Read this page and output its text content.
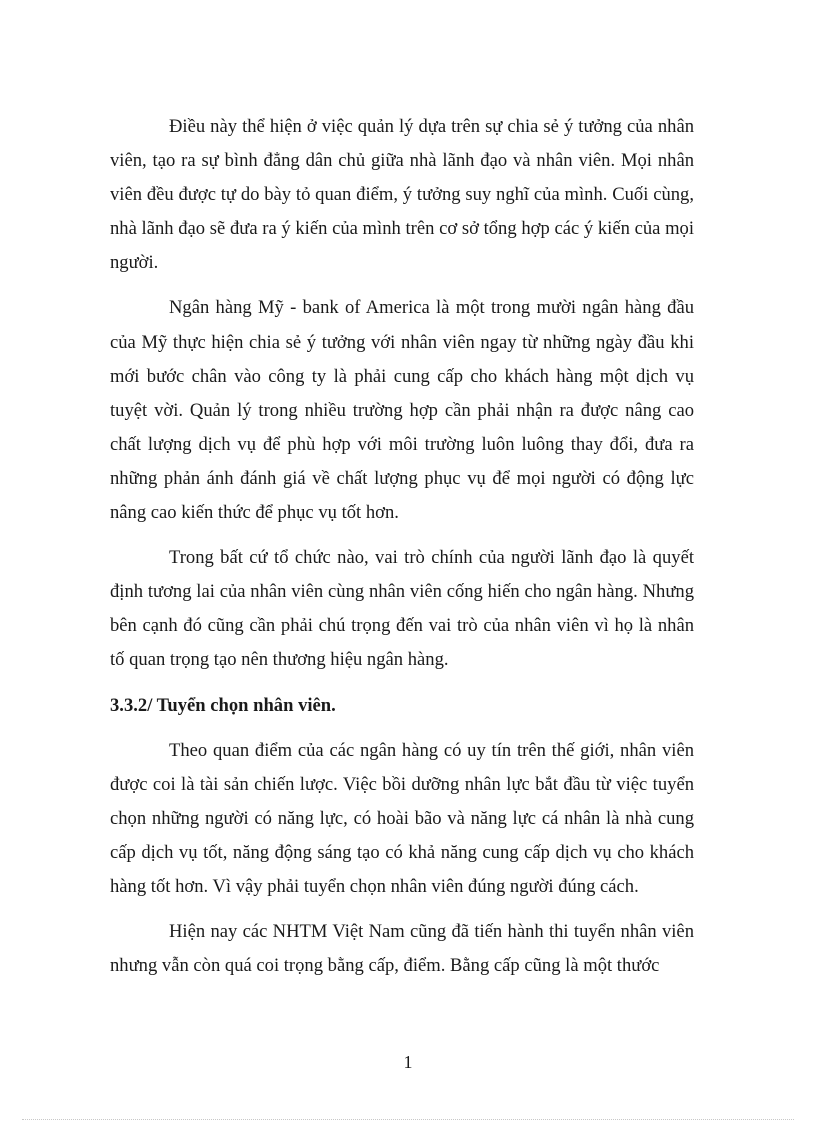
Điều này thể hiện ở việc quản lý dựa trên sự chia sẻ ý tưởng của nhân viên, tạo ra sự bình đẳng dân chủ giữa nhà lãnh đạo và nhân viên. Mọi nhân viên đều được tự do bày tỏ quan điểm, ý tưởng suy nghĩ của mình. Cuối cùng, nhà lãnh đạo sẽ đưa ra ý kiến của mình trên cơ sở tổng hợp các ý kiến của mọi người.

Ngân hàng Mỹ - bank of America là một trong mười ngân hàng đầu của Mỹ thực hiện chia sẻ ý tưởng với nhân viên ngay từ những ngày đầu khi mới bước chân vào công ty là phải cung cấp cho khách hàng một dịch vụ tuyệt vời. Quản lý trong nhiều trường hợp cần phải nhận ra được nâng cao chất lượng dịch vụ để phù hợp với môi trường luôn luông thay đổi, đưa ra những phản ánh đánh giá về chất lượng phục vụ để mọi người có động lực nâng cao kiến thức để phục vụ tốt hơn.

Trong bất cứ tổ chức nào, vai trò chính của người lãnh đạo là quyết định tương lai của nhân viên cùng nhân viên cống hiến cho ngân hàng. Nhưng bên cạnh đó cũng cần phải chú trọng đến vai trò của nhân viên vì họ là nhân tố quan trọng tạo nên thương hiệu ngân hàng.

3.3.2/ Tuyển chọn nhân viên.

Theo quan điểm của các ngân hàng có uy tín trên thế giới, nhân viên được coi là tài sản chiến lược. Việc bồi dưỡng nhân lực bắt đầu từ việc tuyển chọn những người có năng lực, có hoài bão và năng lực cá nhân là nhà cung cấp dịch vụ tốt, năng động sáng tạo có khả năng cung cấp dịch vụ cho khách hàng tốt hơn. Vì vậy phải tuyển chọn nhân viên đúng người đúng cách.

Hiện nay các NHTM Việt Nam cũng đã tiến hành thi tuyển nhân viên nhưng vẫn còn quá coi trọng bằng cấp, điểm. Bằng cấp cũng là một thước

1
